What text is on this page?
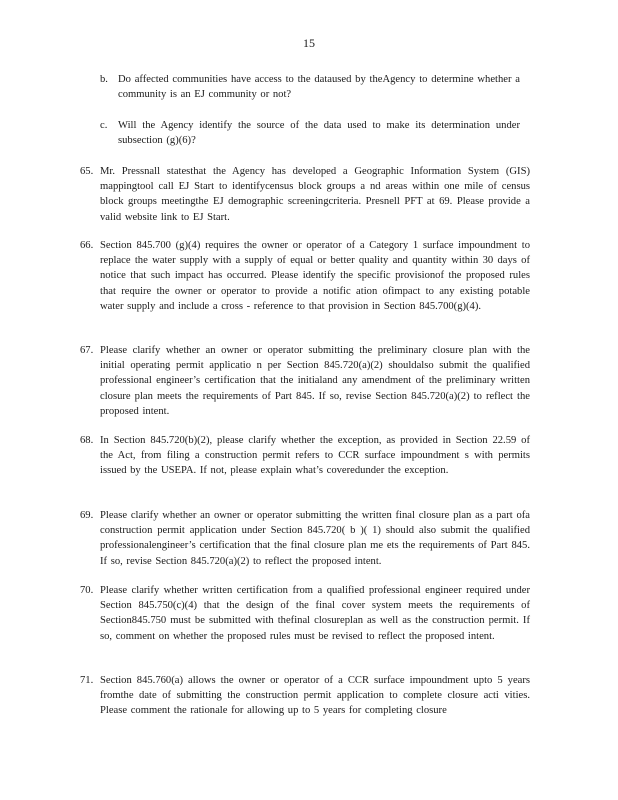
15
b. Do affected communities have access to the dataused by theAgency to determine whether a community is an EJ community or not?
c. Will the Agency identify the source of the data used to make its determination under subsection (g)(6)?
65. Mr. Pressnall statesthat the Agency has developed a Geographic Information System (GIS) mappingtool call EJ Start to identifycensus block groups a nd areas within one mile of census block groups meetingthe EJ demographic screeningcriteria. Presnell PFT at 69. Please provide a valid website link to EJ Start.
66. Section 845.700 (g)(4) requires the owner or operator of a Category 1 surface impoundment to replace the water supply with a supply of equal or better quality and quantity within 30 days of notice that such impact has occurred. Please identify the specific provisionof the proposed rules that require the owner or operator to provide a notific ation ofimpact to any existing potable water supply and include a cross - reference to that provision in Section 845.700(g)(4).
67. Please clarify whether an owner or operator submitting the preliminary closure plan with the initial operating permit applicatio n per Section 845.720(a)(2) shouldalso submit the qualified professional engineer’s certification that the initialand any amendment of the preliminary written closure plan meets the requirements of Part 845. If so, revise Section 845.720(a)(2) to reflect the proposed intent.
68. In Section 845.720(b)(2), please clarify whether the exception, as provided in Section 22.59 of the Act, from filing a construction permit refers to CCR surface impoundment s with permits issued by the USEPA. If not, please explain what’s coveredunder the exception.
69. Please clarify whether an owner or operator submitting the written final closure plan as a part ofa construction permit application under Section 845.720( b )( 1) should also submit the qualified professionalengineer’s certification that the final closure plan me ets the requirements of Part 845. If so, revise Section 845.720(a)(2) to reflect the proposed intent.
70. Please clarify whether written certification from a qualified professional engineer required under Section 845.750(c)(4) that the design of the final cover system meets the requirements of Section845.750 must be submitted with thefinal closureplan as well as the construction permit. If so, comment on whether the proposed rules must be revised to reflect the proposed intent.
71. Section 845.760(a) allows the owner or operator of a CCR surface impoundment upto 5 years fromthe date of submitting the construction permit application to complete closure acti vities. Please comment the rationale for allowing up to 5 years for completing closure
